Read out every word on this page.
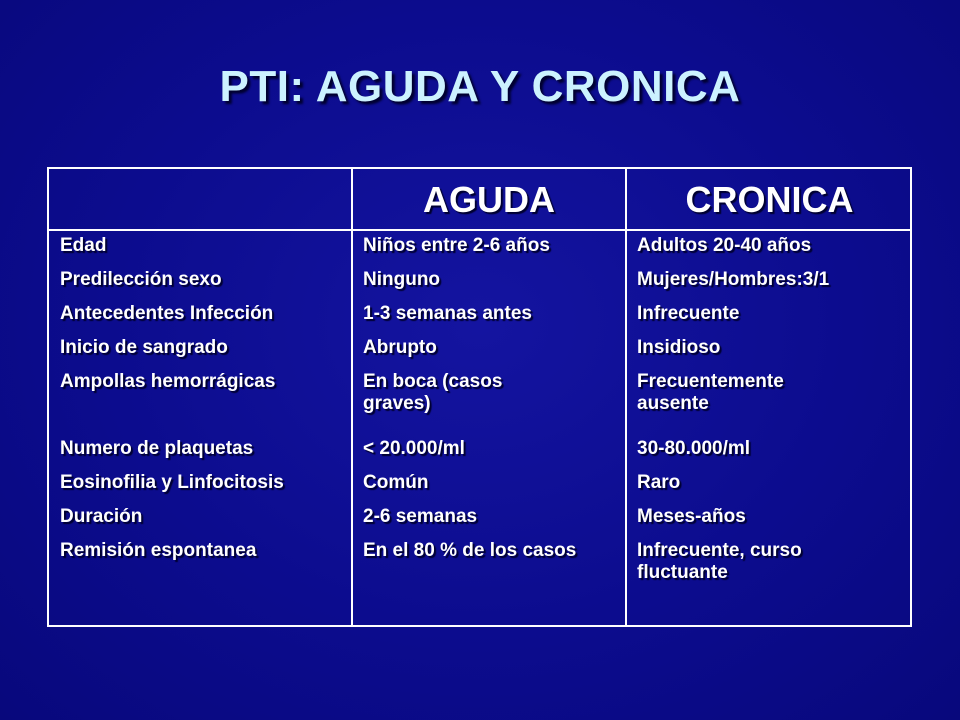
PTI: AGUDA Y CRONICA
AGUDA	CRONICA
Edad
Predilección sexo
Antecedentes Infección
Inicio de sangrado
Ampollas hemorrágicas
Numero de plaquetas
Eosinofilia y Linfocitosis
Duración
Remisión espontanea
Niños entre 2-6 años
Ninguno
1-3 semanas antes
Abrupto
En boca (casos graves)
< 20.000/ml
Común
2-6 semanas
En el 80 % de los casos
Adultos 20-40 años
Mujeres/Hombres:3/1
Infrecuente
Insidioso
Frecuentemente ausente
30-80.000/ml
Raro
Meses-años
Infrecuente, curso fluctuante
